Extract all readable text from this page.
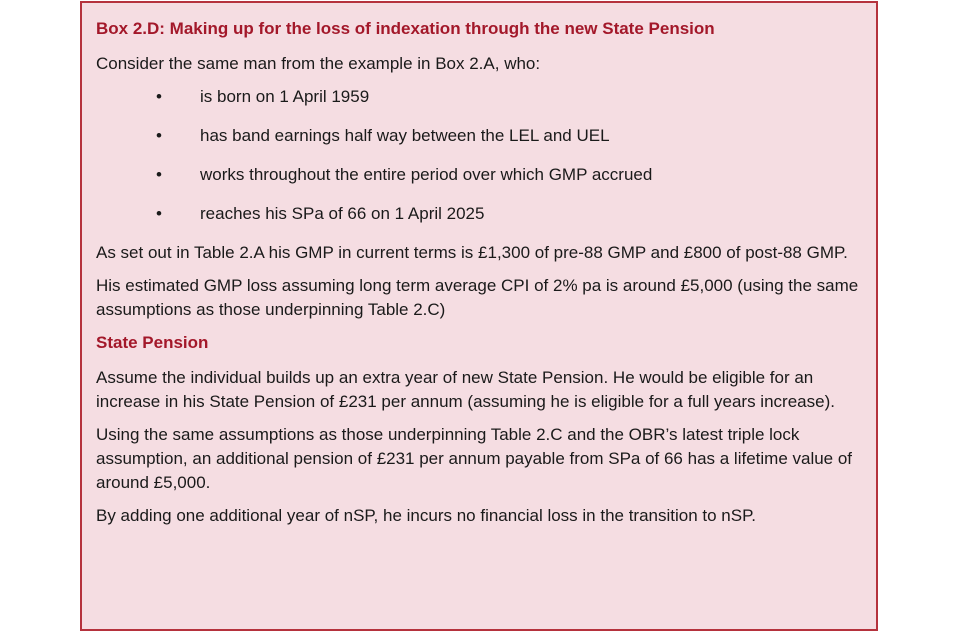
Box 2.D: Making up for the loss of indexation through the new State Pension
Consider the same man from the example in Box 2.A, who:
• is born on 1 April 1959
• has band earnings half way between the LEL and UEL
• works throughout the entire period over which GMP accrued
• reaches his SPa of 66 on 1 April 2025
As set out in Table 2.A his GMP in current terms is £1,300 of pre-88 GMP and £800 of post-88 GMP.
His estimated GMP loss assuming long term average CPI of 2% pa is around £5,000 (using the same assumptions as those underpinning Table 2.C)
State Pension
Assume the individual builds up an extra year of new State Pension. He would be eligible for an increase in his State Pension of £231 per annum (assuming he is eligible for a full years increase).
Using the same assumptions as those underpinning Table 2.C and the OBR’s latest triple lock assumption, an additional pension of £231 per annum payable from SPa of 66 has a lifetime value of around £5,000.
By adding one additional year of nSP, he incurs no financial loss in the transition to nSP.
